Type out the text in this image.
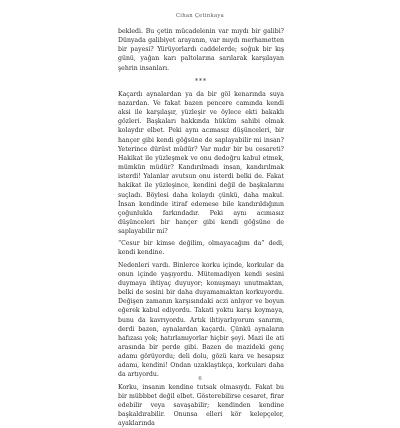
Cihan Çetinkaya

bekledi. Bu çetin mücadelenin var mıydı bir galibi? Dünyada galibiyet arayanın, var mıydı merhametten bir payesi? Yürüyorlardı caddelerde; soğuk bir kış günü, yağan karı paltolarına sarılarak karşılayan şehrin insanları.

***

Kaçardı aynalardan ya da bir göl kenarında suya nazardan. Ve fakat bazen pencere camında kendi aksi ile karşılaşır, yüzleşir ve öylece ekti bakaklı gözleri. Başkaları hakkında hüküm sahibi olmak kolaydır elbet. Peki aynı acımasız düşünceleri, bir hançer gibi kendi göğsüne de saplayabilir mi insan? Yeterince dürüst müdür? Var mıdır bir bu cesareti? Hakikat ile yüzleşmek ve onu dedoğru kabul etmek, mümkün müdür? Kandırılmadı insan, kandırılmak isterdi! Yalanlar avutsun onu isterdi belki de. Fakat hakikat ile yüzleşince, kendini değil de başkalarını suçladı. Böylesi daha kolaydı çünkü, daha makul. İnsan kendinde itiraf edemese bile kandırıldığının çoğunlukla farkındadır. Peki aynı acımasız düşünceleri bir hançer gibi kendi göğsüne de saplayabilir mi?

“Cesur bir kimse değilim, olmayacağım da” dedi, kendi kendine.

Nedenleri vardı. Binlerce korku içinde, korkular da onun içinde yaşıyordu. Mütemadiyen kendi sesini duymaya ihtiyaç duyuyor; konuşmayı unutmaktan, belki de sesini bir daha duyamamaktan korkuyordu. Değişen zamanın karşısındaki aczi anlıyor ve boyun eğerek kabul ediyordu. Takati yoktu karşı koymaya, bunu da kavrıyordu. Artık ihtiyarlıyorum sanırım, derdi bazen, aynalardan kaçardı. Çünkü aynaların hafızası yok; hatırlamıyorlar hiçbir şeyi. Mazi ile ati arasında bir perde gibi. Bazen de mazideki genç adamı görüyordu; deli dolu, gözü kara ve hesapsız adamı, kendini! Ondan uzaklaştıkça, korkuları daha da artıyordu.

Korku, insanın kendine tutsak olmasıydı. Fakat bu bir mübbbet değil elbet. Gösterebilirse cesaret, firar edebilir veya savaşabilir; kendinden kendine başkaldırabilir. Onunsa elleri kör kelepçeler, ayaklarında

6
